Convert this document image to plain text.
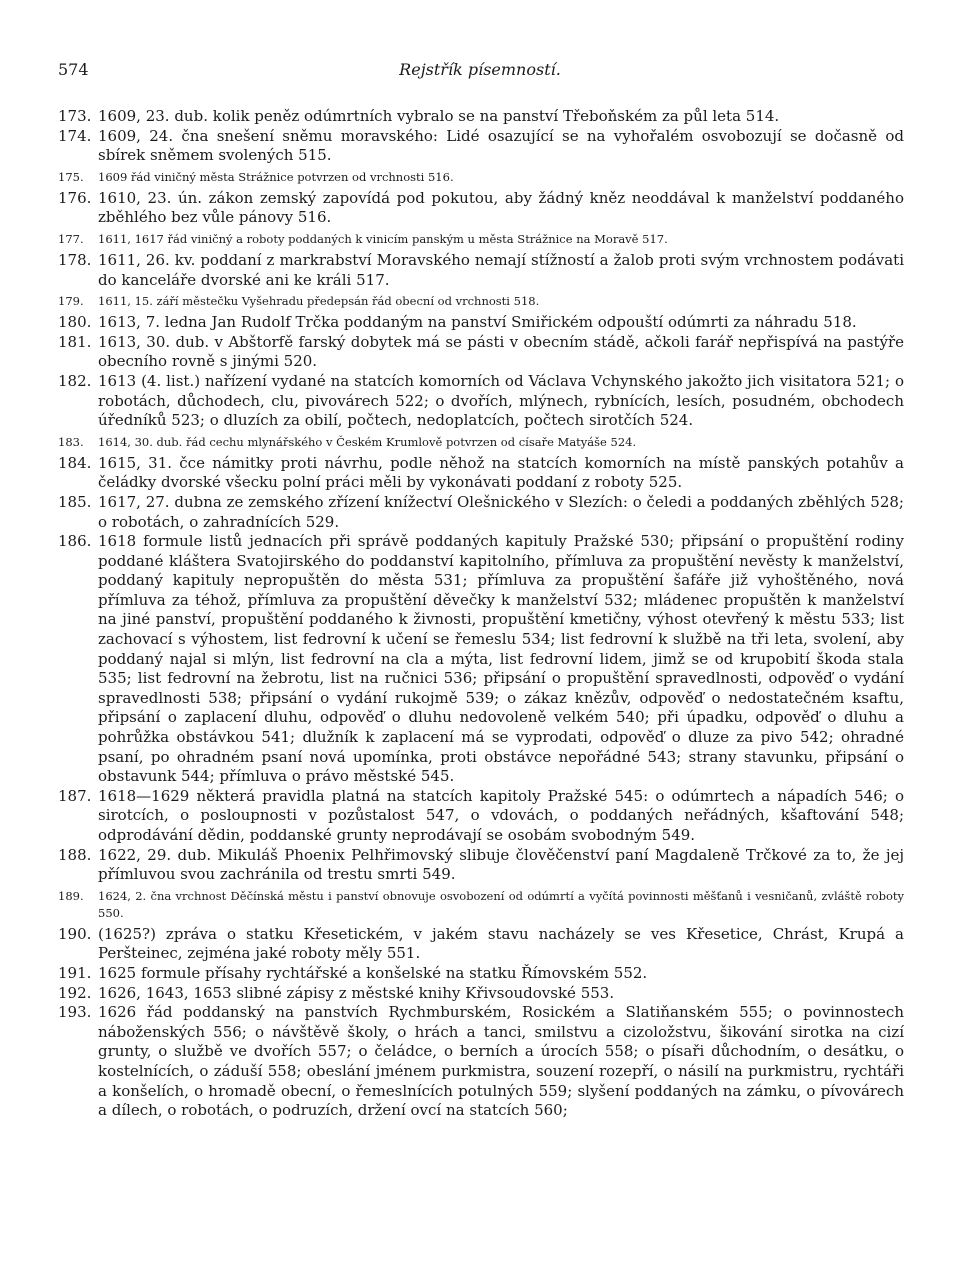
574	Rejstřík písemností.
173. 1609, 23. dub. kolik peněz odúmrtních vybralo se na panství Třeboňském za půl leta 514.
174. 1609, 24. čna snešení sněmu moravského: Lidé osazující se na vyhořalém osvobozují se dočasně od sbírek sněmem svolených 515.
175.	1609 řád viničný města Strážnice potvrzen od vrchnosti 516.
176. 1610, 23. ún. zákon zemský zapovídá pod pokutou, aby žádný kněz neoddával k manželství poddaného zběhlého bez vůle pánovy 516.
177.	1611, 1617 řád viničný a roboty poddaných k vinicím panským u města Strážnice na Moravě 517.
178. 1611, 26. kv. poddaní z markrabství Moravského nemají stížností a žalob proti svým vrchnostem podávati do kanceláře dvorské ani ke králi 517.
179.	1611, 15. září městečku Vyšehradu předepsán řád obecní od vrchnosti 518.
180. 1613, 7. ledna Jan Rudolf Trčka poddaným na panství Smiřickém odpouští odúmrti za náhradu 518.
181. 1613, 30. dub. v Abštorfě farský dobytek má se pásti v obecním stádě, ačkoli farář nepřispívá na pastýře obecního rovně s jinými 520.
182. 1613 (4. list.) nařízení vydané na statcích komorních od Václava Vchynského jakožto jich visitatora 521; o robotách, důchodech, clu, pivovárech 522; o dvořích, mlýnech, rybnících, lesích, posudném, obchodech úředníků 523; o dluzích za obilí, počtech, nedoplatcích, počtech sirotčích 524.
183.	1614, 30. dub. řád cechu mlynářského v Českém Krumlově potvrzen od císaře Matyáše 524.
184. 1615, 31. čce námitky proti návrhu, podle něhož na statcích komorních na místě panských potahův a čeládky dvorské všecku polní práci měli by vykonávati poddaní z roboty 525.
185. 1617, 27. dubna ze zemského zřízení knížectví Olešnického v Slezích: o čeledi a poddaných zběhlých 528; o robotách, o zahradnících 529.
186. 1618 formule listů jednacích při správě poddaných kapituly Pražské 530; připsání o propuštění rodiny poddané kláštera Svatojirského do poddanství kapitolního, přímluva za propuštění nevěsty k manželství, poddaný kapituly nepropuštěn do města 531; přímluva za propuštění šafáře již vyhoštěného, nová přímluva za téhož, přímluva za propuštění děvečky k manželství 532; mládenec propuštěn k manželství na jiné panství, propuštění poddaného k živnosti, propuštění kmetičny, výhost otevřený k městu 533; list zachovací s výhostem, list fedrovní k učení se řemeslu 534; list fedrovní k službě na tři leta, svolení, aby poddaný najal si mlýn, list fedrovní na cla a mýta, list fedrovní lidem, jimž se od krupobití škoda stala 535; list fedrovní na žebrotu, list na ručnici 536; připsání o propuštění spravedlnosti, odpověď o vydání spravedlnosti 538; připsání o vydání rukojmě 539; o zákaz knězův, odpověď o nedostatečném ksaftu, připsání o zaplacení dluhu, odpověď o dluhu nedovoleně velkém 540; při úpadku, odpověď o dluhu a pohrůžka obstávkou 541; dlužník k zaplacení má se vyprodati, odpověď o dluze za pivo 542; ohradné psaní, po ohradném psaní nová upomínka, proti obstávce nepořádné 543; strany stavunku, připsání o obstavunk 544; přímluva o právo městské 545.
187. 1618—1629 některá pravidla platná na statcích kapitoly Pražské 545: o odúmrtech a nápadích 546; o sirotcích, o posloupnosti v pozůstalost 547, o vdovách, o poddaných neřádných, kšaftování 548; odprodávání dědin, poddanské grunty neprodávají se osobám svobodným 549.
188. 1622, 29. dub. Mikuláš Phoenix Pelhřimovský slibuje člověčenství paní Magdaleně Trčkové za to, že jej přímluvou svou zachránila od trestu smrti 549.
189.	1624, 2. čna vrchnost Děčínská městu i panství obnovuje osvobození od odúmrtí a vyčítá povinnosti měšťanů i vesničanů, zvláště roboty 550.
190. (1625?) zpráva o statku Křesetickém, v jakém stavu nacházely se ves Křesetice, Chrást, Krupá a Peršteinec, zejména jaké roboty měly 551.
191. 1625 formule přísahy rychtářské a konšelské na statku Římovském 552.
192. 1626, 1643, 1653 slibné zápisy z městské knihy Křivsoudovské 553.
193. 1626 řád poddanský na panstvích Rychmburském, Rosickém a Slatiňanském 555; o povinnostech náboženských 556; o návštěvě školy, o hrách a tanci, smilstvu a cizoložstvu, šikování sirotka na cizí grunty, o službě ve dvořích 557; o čeládce, o berních a úrocích 558; o písaři důchodním, o desátku, o kostelnících, o záduší 558; obeslání jménem purkmistra, souzení rozepří, o násilí na purkmistru, rychtáři a konšelích, o hromadě obecní, o řemeslnících potulných 559; slyšení poddaných na zámku, o pívovárech a dílech, o robotách, o podruzích, držení ovcí na statcích 560;
